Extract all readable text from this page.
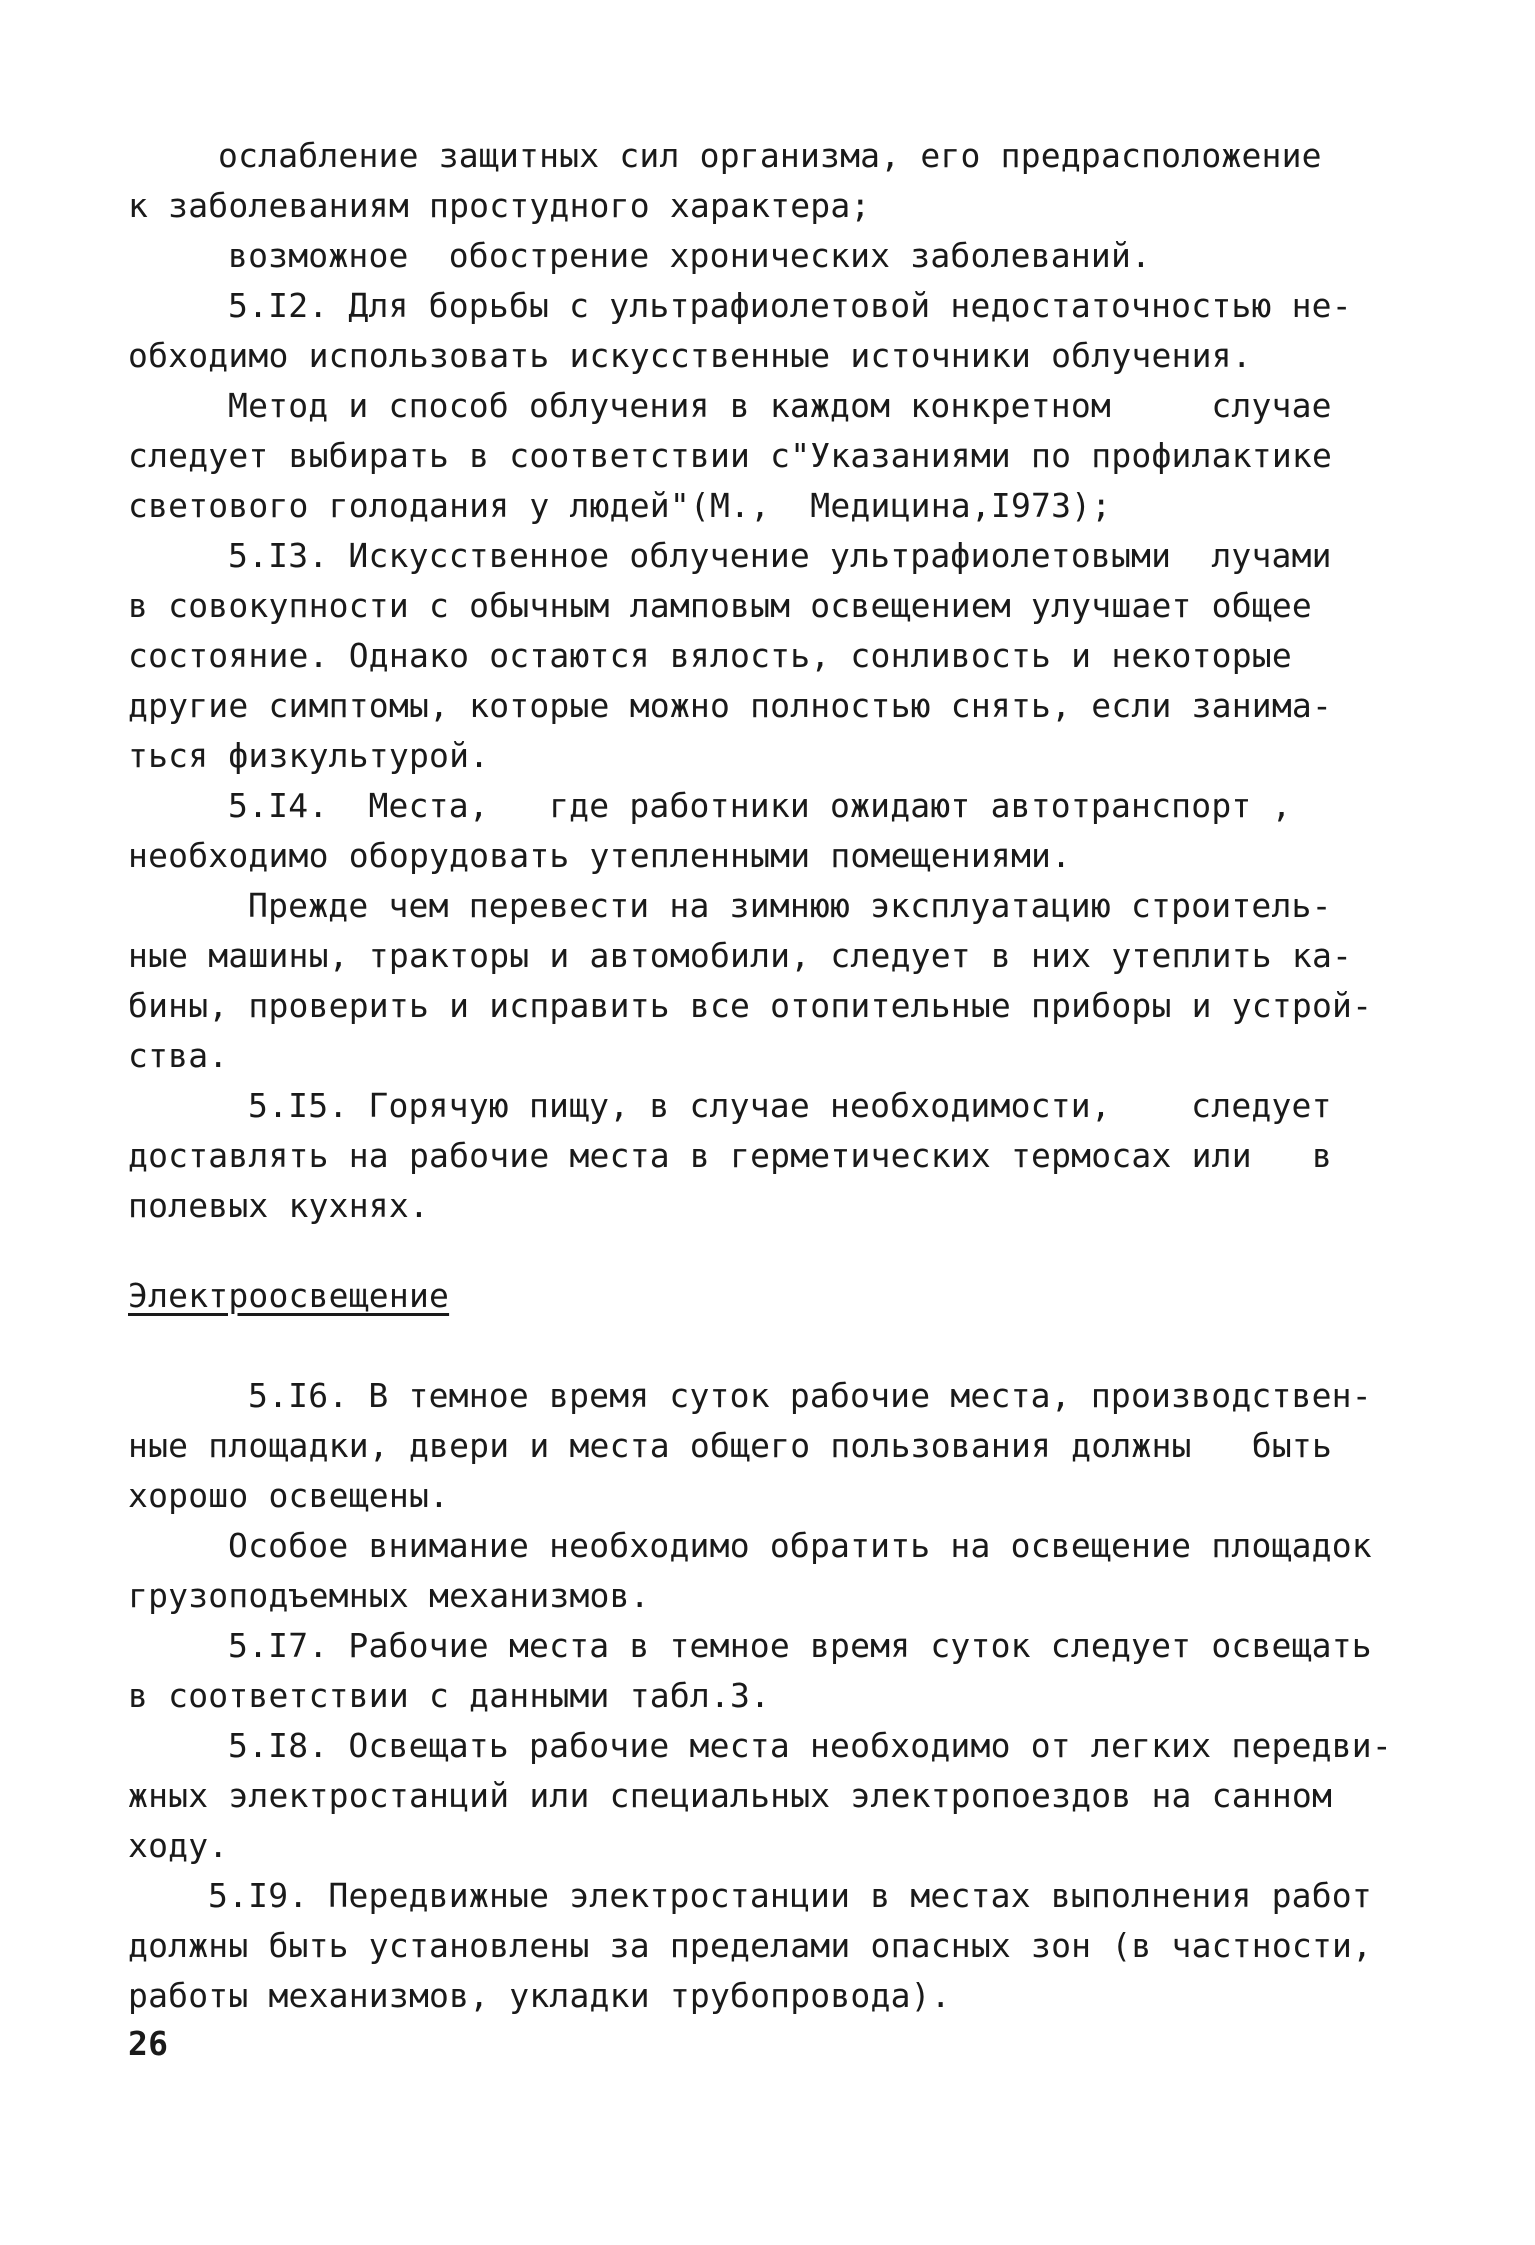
ослабление защитных сил организма, его предрасположение
к заболеваниям простудного характера;
возможное  обострение хронических заболеваний.
5.I2. Для борьбы с ультрафиолетовой недостаточностью не-
обходимо использовать искусственные источники облучения.
Метод и способ облучения в каждом конкретном     случае
следует выбирать в соответствии с"Указаниями по профилактике
светового голодания у людей"(М.,  Медицина,I973);
5.I3. Искусственное облучение ультрафиолетовыми  лучами
в совокупности с обычным ламповым освещением улучшает общее
состояние. Однако остаются вялость, сонливость и некоторые
другие симптомы, которые можно полностью снять, если занима-
ться физкультурой.
5.I4.  Места,   где работники ожидают автотранспорт ,
необходимо оборудовать утепленными помещениями.
Прежде чем перевести на зимнюю эксплуатацию строитель-
ные машины, тракторы и автомобили, следует в них утеплить ка-
бины, проверить и исправить все отопительные приборы и устрой-
ства.
5.I5. Горячую пищу, в случае необходимости,    следует
доставлять на рабочие места в герметических термосах или   в
полевых кухнях.
Электроосвещение
5.I6. В темное время суток рабочие места, производствен-
ные площадки, двери и места общего пользования должны   быть
хорошо освещены.
Особое внимание необходимо обратить на освещение площадок
грузоподъемных механизмов.
5.I7. Рабочие места в темное время суток следует освещать
в соответствии с данными табл.3.
5.I8. Освещать рабочие места необходимо от легких передви-
жных электростанций или специальных электропоездов на санном
ходу.
5.I9. Передвижные электростанции в местах выполнения работ
должны быть установлены за пределами опасных зон (в частности,
работы механизмов, укладки трубопровода).
26
